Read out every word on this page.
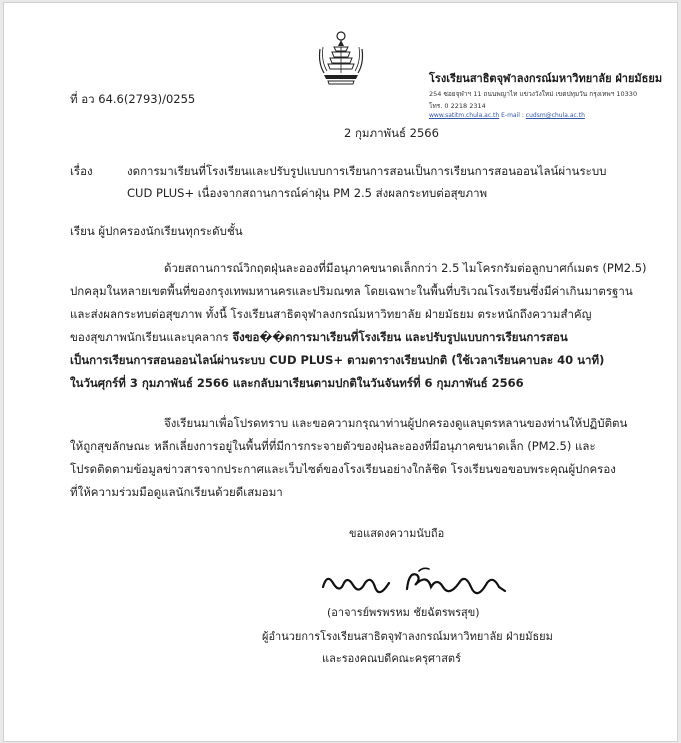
โรงเรียนสาธิตจุฬาลงกรณ์มหาวิทยาลัย ฝ่ายมัธยม
254 ซอยจุฬาฯ 11 ถนนพญาไท แขวงวังใหม่ เขตปทุมวัน กรุงเทพฯ 10330
โทร. 0 2218 2314
www.satitm.chula.ac.th E-mail : cudsm@chula.ac.th
ที่ อว 64.6(2793)/0255
2 กุมภาพันธ์ 2566
เรื่อง	งดการมาเรียนที่โรงเรียนและปรับรูปแบบการเรียนการสอนเป็นการเรียนการสอนออนไลน์ผ่านระบบ
CUD PLUS+ เนื่องจากสถานการณ์ค่าฝุ่น PM 2.5 ส่งผลกระทบต่อสุขภาพ
เรียน ผู้ปกครองนักเรียนทุกระดับชั้น
ด้วยสถานการณ์วิกฤตฝุ่นละอองที่มีอนุภาคขนาดเล็กกว่า 2.5 ไมโครกรัมต่อลูกบาศก์เมตร (PM2.5)
ปกคลุมในหลายเขตพื้นที่ของกรุงเทพมหานครและปริมณฑล โดยเฉพาะในพื้นที่บริเวณโรงเรียนซึ่งมีค่าเกินมาตรฐาน
และส่งผลกระทบต่อสุขภาพ ทั้งนี้ โรงเรียนสาธิตจุฬาลงกรณ์มหาวิทยาลัย ฝ่ายมัธยม ตระหนักถึงความสำคัญ
ของสุขภาพนักเรียนและบุคลากร จึงขอ��ดการมาเรียนที่โรงเรียน และปรับรูปแบบการเรียนการสอน
เป็นการเรียนการสอนออนไลน์ผ่านระบบ CUD PLUS+ ตามตารางเรียนปกติ (ใช้เวลาเรียนคาบละ 40 นาที)
ในวันศุกร์ที่ 3 กุมภาพันธ์ 2566 และกลับมาเรียนตามปกติในวันจันทร์ที่ 6 กุมภาพันธ์ 2566
จึงเรียนมาเพื่อโปรดทราบ และขอความกรุณาท่านผู้ปกครองดูแลบุตรหลานของท่านให้ปฏิบัติตน
ให้ถูกสุขลักษณะ หลีกเลี่ยงการอยู่ในพื้นที่ที่มีการกระจายตัวของฝุ่นละอองที่มีอนุภาคขนาดเล็ก (PM2.5) และ
โปรดติดตามข้อมูลข่าวสารจากประกาศและเว็บไซต์ของโรงเรียนอย่างใกล้ชิด โรงเรียนขอขอบพระคุณผู้ปกครอง
ที่ให้ความร่วมมือดูแลนักเรียนด้วยดีเสมอมา
ขอแสดงความนับถือ
(อาจารย์พรพรหม ชัยฉัตรพรสุข)
ผู้อำนวยการโรงเรียนสาธิตจุฬาลงกรณ์มหาวิทยาลัย ฝ่ายมัธยม
และรองคณบดีคณะครุศาสตร์
